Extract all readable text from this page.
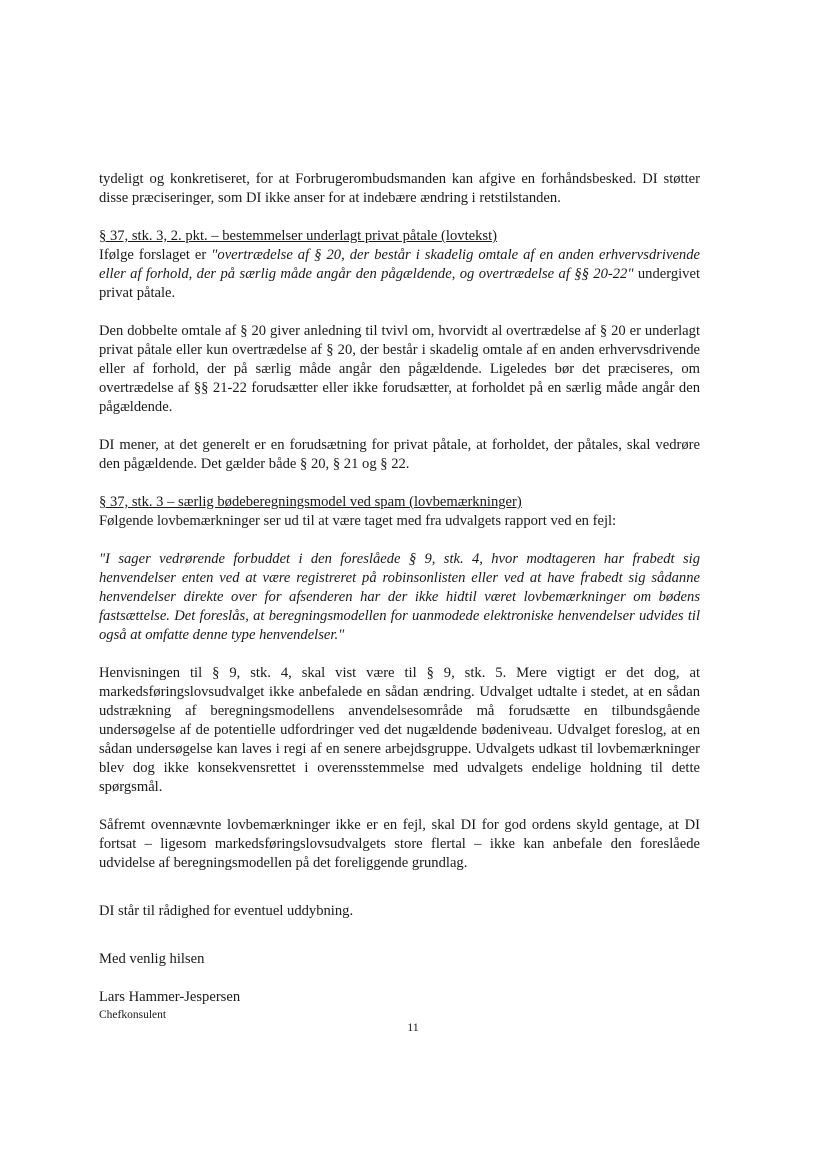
tydeligt og konkretiseret, for at Forbrugerombudsmanden kan afgive en forhåndsbesked. DI støtter disse præciseringer, som DI ikke anser for at indebære ændring i retstilstanden.

§ 37, stk. 3, 2. pkt. – bestemmelser underlagt privat påtale (lovtekst)

Ifølge forslaget er "overtrædelse af § 20, der består i skadelig omtale af en anden erhvervsdrivende eller af forhold, der på særlig måde angår den pågældende, og overtrædelse af §§ 20-22" undergivet privat påtale.

Den dobbelte omtale af § 20 giver anledning til tvivl om, hvorvidt al overtrædelse af § 20 er underlagt privat påtale eller kun overtrædelse af § 20, der består i skadelig omtale af en anden erhvervsdrivende eller af forhold, der på særlig måde angår den pågældende. Ligeledes bør det præciseres, om overtrædelse af §§ 21-22 forudsætter eller ikke forudsætter, at forholdet på en særlig måde angår den pågældende.

DI mener, at det generelt er en forudsætning for privat påtale, at forholdet, der påtales, skal vedrøre den pågældende. Det gælder både § 20, § 21 og § 22.

§ 37, stk. 3 – særlig bødeberegningsmodel ved spam (lovbemærkninger)

Følgende lovbemærkninger ser ud til at være taget med fra udvalgets rapport ved en fejl:

"I sager vedrørende forbuddet i den foreslåede § 9, stk. 4, hvor modtageren har frabedt sig henvendelser enten ved at være registreret på robinsonlisten eller ved at have frabedt sig sådanne henvendelser direkte over for afsenderen har der ikke hidtil været lovbemærkninger om bødens fastsættelse. Det foreslås, at beregningsmodellen for uanmodede elektroniske henvendelser udvides til også at omfatte denne type henvendelser."

Henvisningen til § 9, stk. 4, skal vist være til § 9, stk. 5. Mere vigtigt er det dog, at markedsføringslovsudvalget ikke anbefalede en sådan ændring. Udvalget udtalte i stedet, at en sådan udstrækning af beregningsmodellens anvendelsesområde må forudsætte en tilbundsgående undersøgelse af de potentielle udfordringer ved det nugældende bødeniveau. Udvalget foreslog, at en sådan undersøgelse kan laves i regi af en senere arbejdsgruppe. Udvalgets udkast til lovbemærkninger blev dog ikke konsekvensrettet i overensstemmelse med udvalgets endelige holdning til dette spørgsmål.

Såfremt ovennævnte lovbemærkninger ikke er en fejl, skal DI for god ordens skyld gentage, at DI fortsat – ligesom markedsføringslovsudvalgets store flertal – ikke kan anbefale den foreslåede udvidelse af beregningsmodellen på det foreliggende grundlag.

DI står til rådighed for eventuel uddybning.

Med venlig hilsen

Lars Hammer-Jespersen

Chefkonsulent

11
